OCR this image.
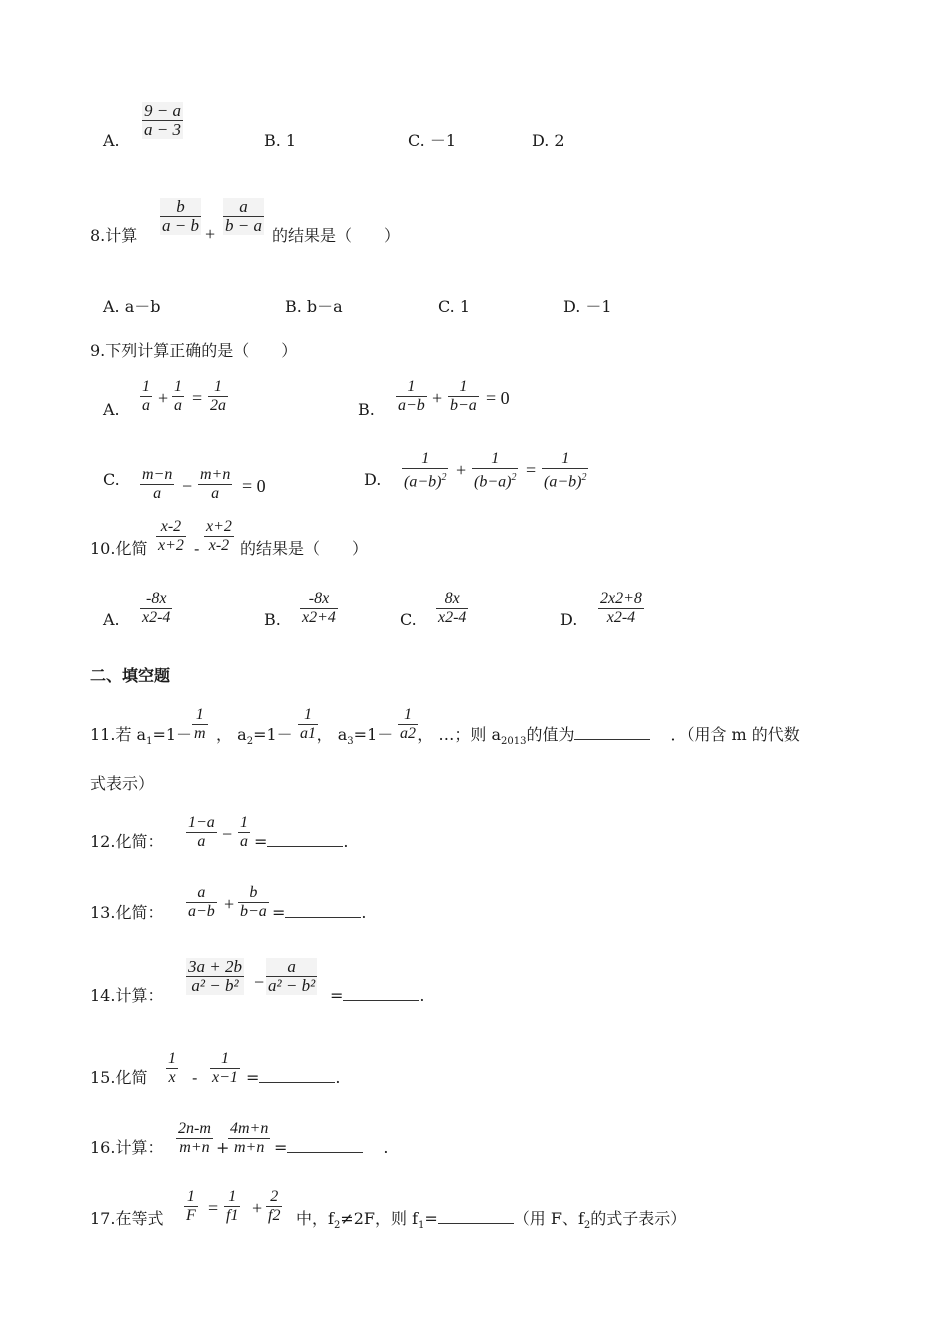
A.
$\frac{9 - a}{a - 3}$
B. 1	C. －1	D. 2
8.计算
$\frac{b}{a - b} + \frac{a}{b - a}$
的结果是（　　）
A. a－b	B. b－a	C. 1	D. －1
9.下列计算正确的是（　　）
A. $\frac{1}{a} + \frac{1}{a} = \frac{1}{2a}$	B. $\frac{1}{a-b} + \frac{1}{b-a} = 0$
C. $\frac{m-n}{a} - \frac{m+n}{a} = 0$	D. $\frac{1}{(a-b)^2} + \frac{1}{(b-a)^2} = \frac{1}{(a-b)^2}$
10.化简 $\frac{x-2}{x+2} - \frac{x+2}{x-2}$ 的结果是（　　）
A. $\frac{-8x}{x2-4}$	B. $\frac{-8x}{x2+4}$	C. $\frac{8x}{x2-4}$	D. $\frac{2x2+8}{x2-4}$
二、填空题
11.若 $a_1=1-$ ， $a_2=1-$ ， $a_3=1-$ ， …；则 $a_{2013}$的值为	．（用含 m 的代数
$\frac{1}{m}$	$\frac{1}{a1}$	$\frac{1}{a2}$
式表示）
12.化简： $\frac{1-a}{a} - \frac{1}{a}$ =	.
13.化简： $\frac{a}{a-b} + \frac{b}{b-a}$ =	.
14.计算：
$\frac{3a + 2b}{\text{a² − b²}} - \frac{a}{\text{a² − b²}}$
=	.
15.化简 $\frac{1}{x} - \frac{1}{x-1}$ =	.
16.计算： $\frac{2n-m}{m+n}$ +
$\frac{4m+n}{m+n}$ =	.
17.在等式 $\frac{1}{F} = \frac{1}{f1} + \frac{2}{f2}$ 中，$f_2\ne 2F$，则 $f_1=$	（用 F、$f_2$的式子表示）
